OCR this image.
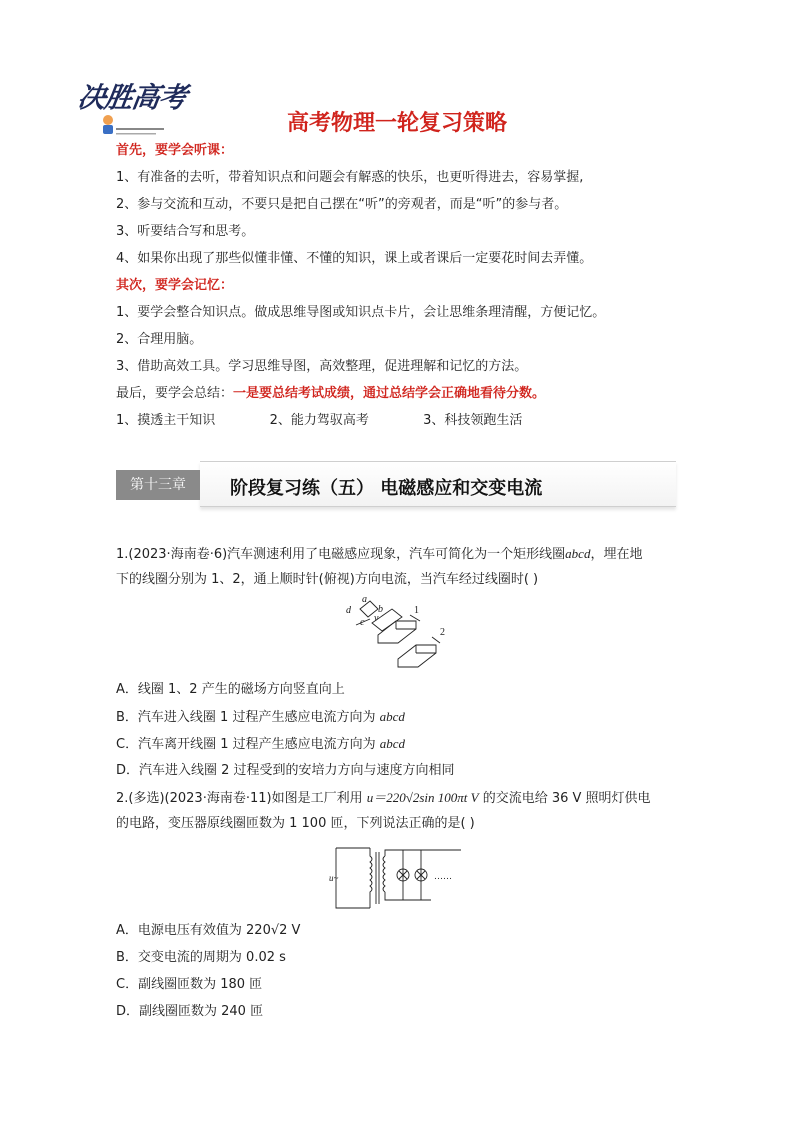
决胜高考
高考物理一轮复习策略
首先，要学会听课：
1、有准备的去听，带着知识点和问题会有解惑的快乐，也更听得进去，容易掌握,
2、参与交流和互动，不要只是把自己摆在“听”的旁观者，而是“听”的参与者。
3、听要结合写和思考。
4、如果你出现了那些似懂非懂、不懂的知识，课上或者课后一定要花时间去弄懂。
其次，要学会记忆：
1、要学会整合知识点。做成思维导图或知识点卡片，会让思维条理清醒，方便记忆。
2、合理用脑。
3、借助高效工具。学习思维导图，高效整理，促进理解和记忆的方法。
最后，要学会总结：一是要总结考试成绩，通过总结学会正确地看待分数。
1、摸透主干知识	2、能力驾驭高考	3、科技领跑生活
第十三章	阶段复习练（五） 电磁感应和交变电流
1.(2023·海南卷·6)汽车测速利用了电磁感应现象，汽车可简化为一个矩形线圈abcd，埋在地
下的线圈分别为 1、2，通上顺时针(俯视)方向电流，当汽车经过线圈时( )
a
b
c
d
v
1
2
A．线圈 1、2 产生的磁场方向竖直向上
B．汽车进入线圈 1 过程产生感应电流方向为 abcd
C．汽车离开线圈 1 过程产生感应电流方向为 abcd
D．汽车进入线圈 2 过程受到的安培力方向与速度方向相同
2.(多选)(2023·海南卷·11)如图是工厂利用 u＝220√2sin 100πt V 的交流电给 36 V 照明灯供电
的电路，变压器原线圈匝数为 1 100 匝，下列说法正确的是( )
u~	……
A．电源电压有效值为 220√2 V
B．交变电流的周期为 0.02 s
C．副线圈匝数为 180 匝
D．副线圈匝数为 240 匝
